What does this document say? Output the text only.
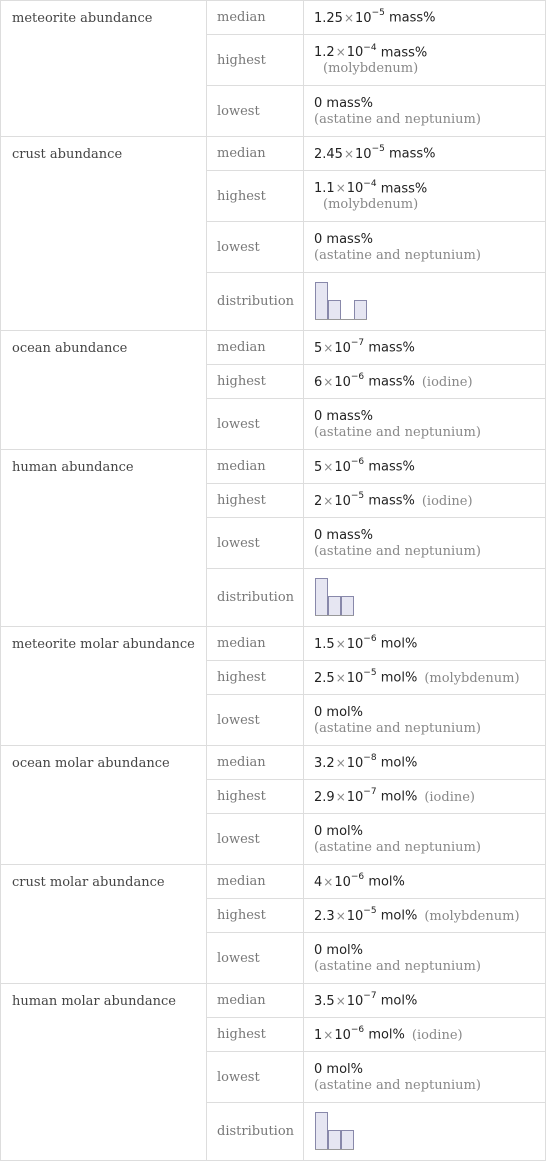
meteorite abundance	median	$1.25\times 10^{-5}$ mass%
	highest	$1.2\times 10^{-4}$ mass%
(molybdenum)

	lowest	0 mass%
(astatine and neptunium)

crust abundance	median	$2.45\times 10^{-5}$ mass%
	highest	$1.1\times 10^{-4}$ mass%
(molybdenum)

	lowest	0 mass%
(astatine and neptunium)

	distribution	

ocean abundance	median	$5\times 10^{-7}$ mass%
	highest	$6\times 10^{-6}$ mass% (iodine)
	lowest	0 mass%
(astatine and neptunium)

human abundance	median	$5\times 10^{-6}$ mass%
	highest	$2\times 10^{-5}$ mass% (iodine)
	lowest	0 mass%
(astatine and neptunium)

	distribution	

meteorite molar abundance	median	$1.5\times 10^{-6}$ mol%
	highest	$2.5\times 10^{-5}$ mol% (molybdenum)
	lowest	0 mol%
(astatine and neptunium)

ocean molar abundance	median	$3.2\times 10^{-8}$ mol%
	highest	$2.9\times 10^{-7}$ mol% (iodine)
	lowest	0 mol%
(astatine and neptunium)

crust molar abundance	median	$4\times 10^{-6}$ mol%
	highest	$2.3\times 10^{-5}$ mol% (molybdenum)
	lowest	0 mol%
(astatine and neptunium)

human molar abundance	median	$3.5\times 10^{-7}$ mol%
	highest	$1\times 10^{-6}$ mol% (iodine)
	lowest	0 mol%
(astatine and neptunium)

	distribution	
